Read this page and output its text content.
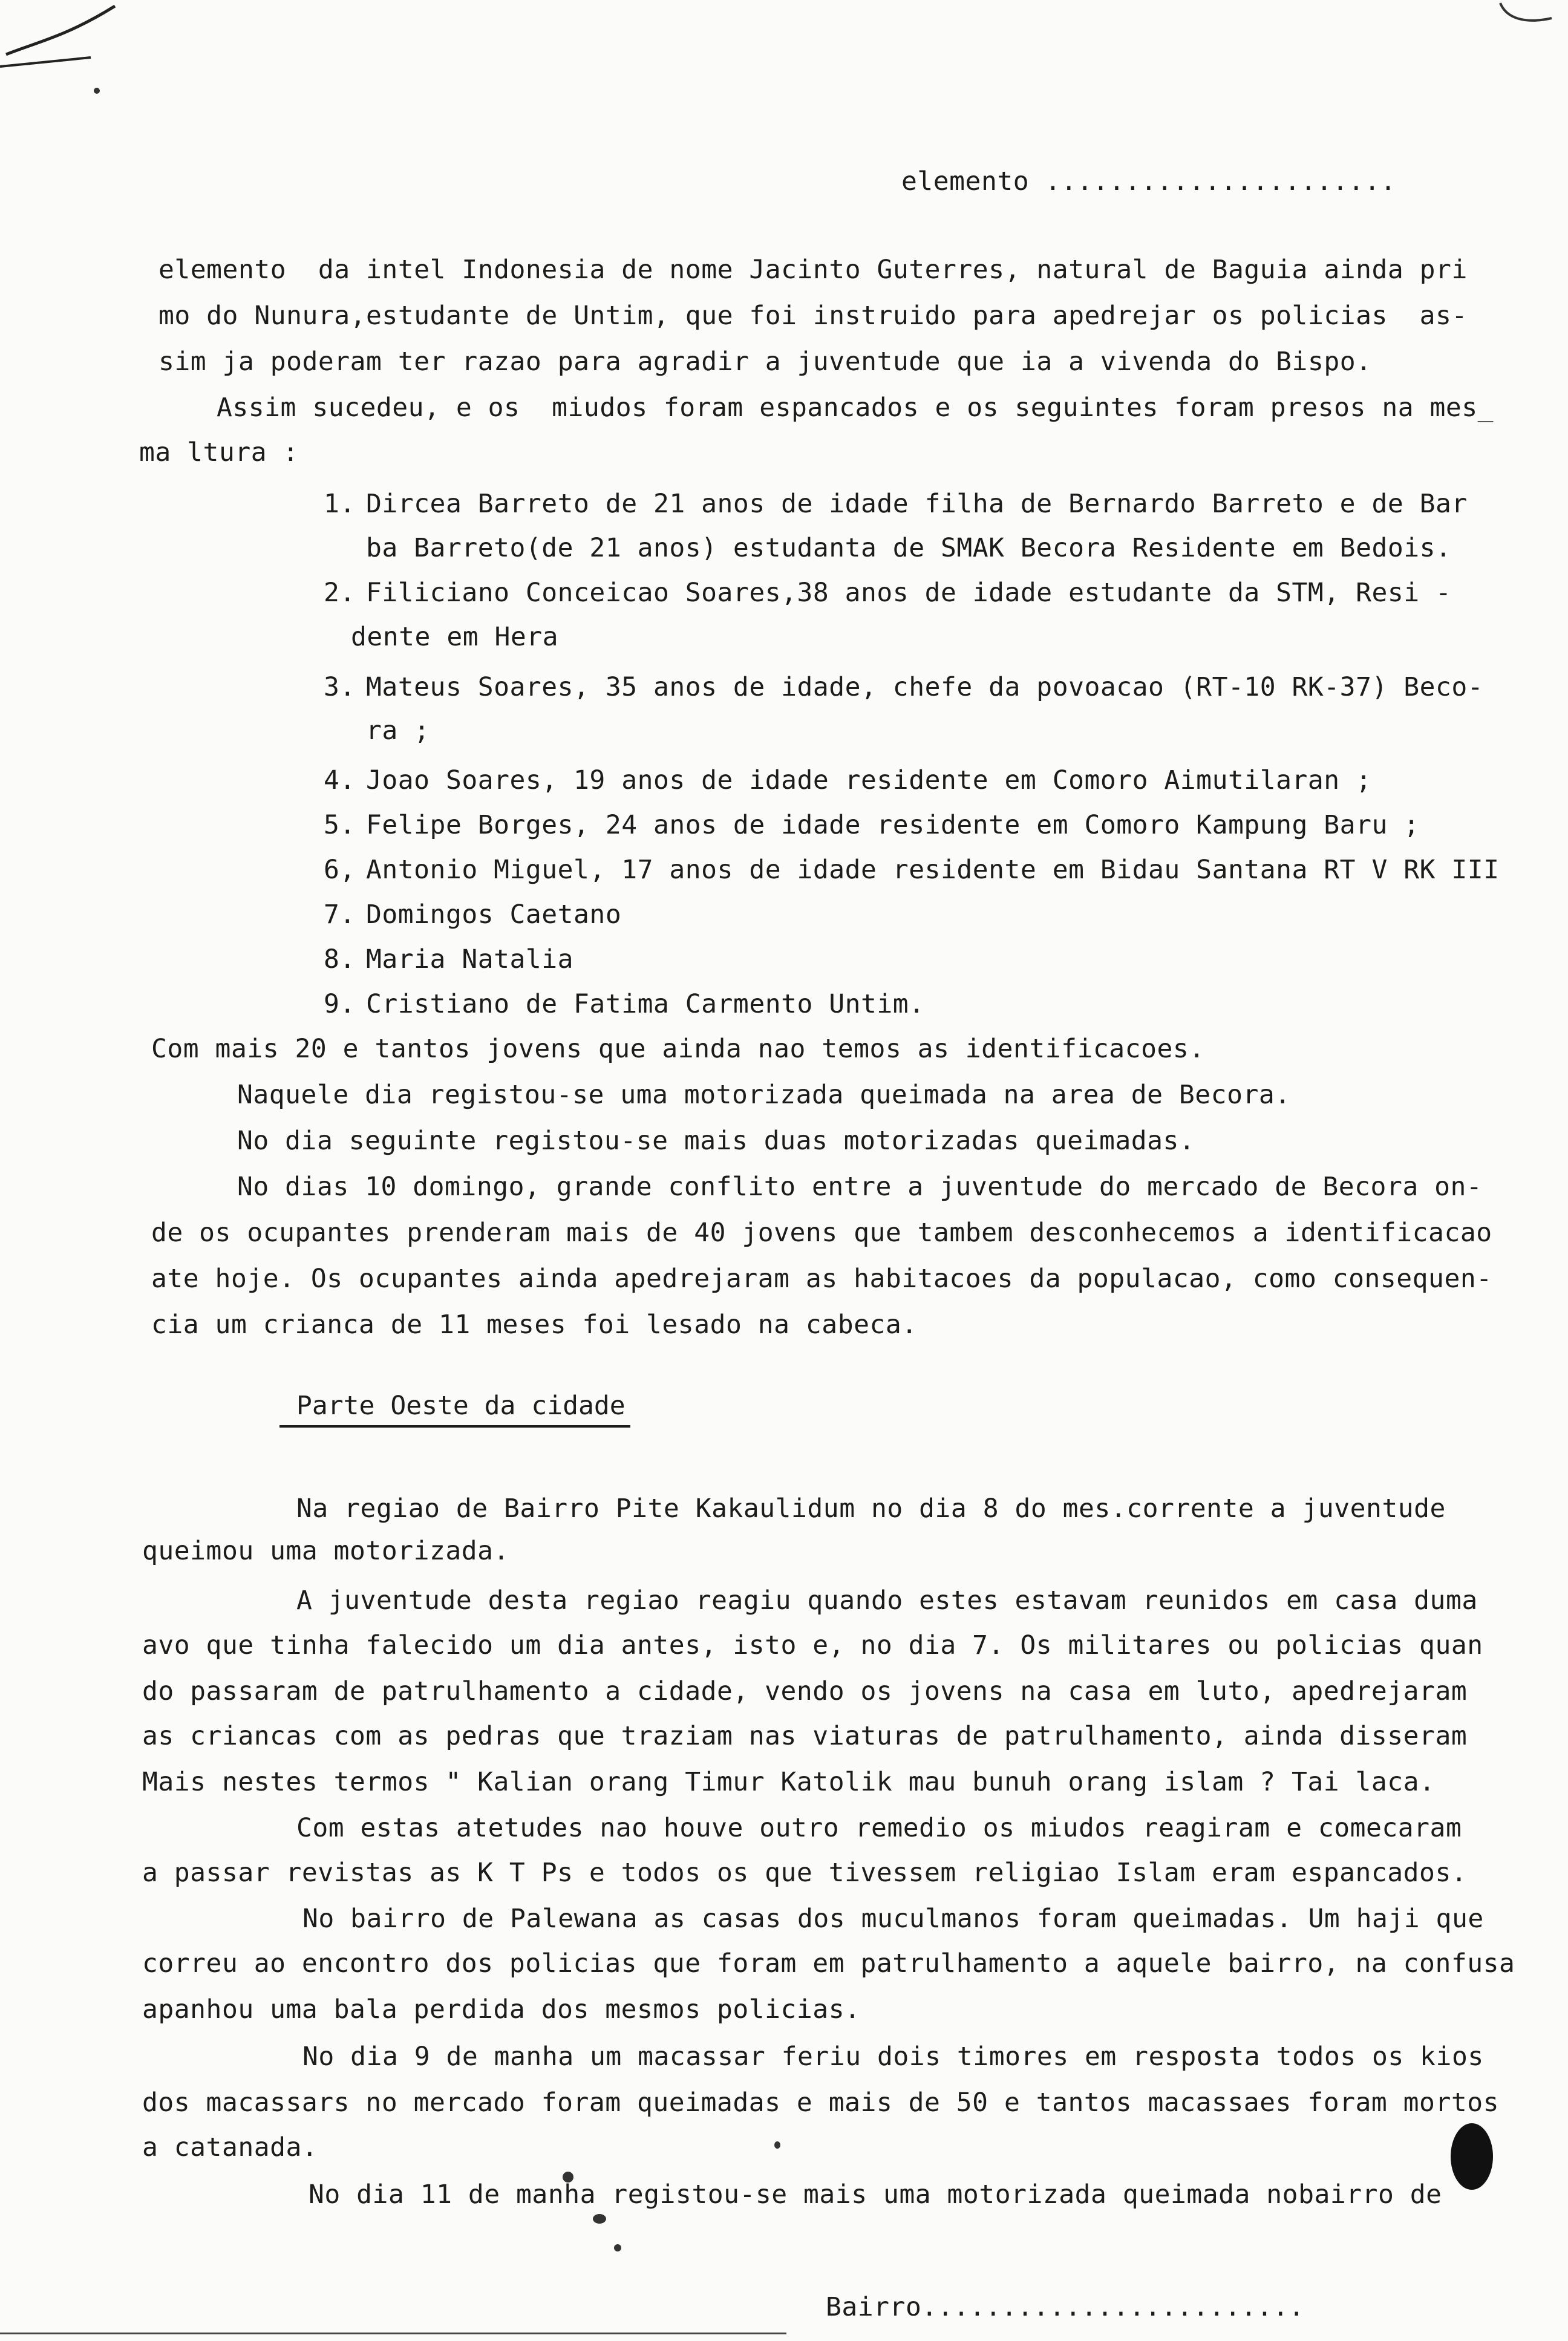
elemento ......................
elemento  da intel Indonesia de nome Jacinto Guterres, natural de Baguia ainda pri
mo do Nunura,estudante de Untim, que foi instruido para apedrejar os policias  as-
sim ja poderam ter razao para agradir a juventude que ia a vivenda do Bispo.
Assim sucedeu, e os  miudos foram espancados e os seguintes foram presos na mes_
ma ltura :
1. Dircea Barreto de 21 anos de idade filha de Bernardo Barreto e de Bar
ba Barreto(de 21 anos) estudanta de SMAK Becora Residente em Bedois.
2. Filiciano Conceicao Soares,38 anos de idade estudante da STM, Resi -
dente em Hera
3. Mateus Soares, 35 anos de idade, chefe da povoacao (RT-10 RK-37) Beco-
ra ;
4. Joao Soares, 19 anos de idade residente em Comoro Aimutilaran ;
5. Felipe Borges, 24 anos de idade residente em Comoro Kampung Baru ;
6, Antonio Miguel, 17 anos de idade residente em Bidau Santana RT V RK III
7. Domingos Caetano
8. Maria Natalia
9. Cristiano de Fatima Carmento Untim.
Com mais 20 e tantos jovens que ainda nao temos as identificacoes.
Naquele dia registou-se uma motorizada queimada na area de Becora.
No dia seguinte registou-se mais duas motorizadas queimadas.
No dias 10 domingo, grande conflito entre a juventude do mercado de Becora on-
de os ocupantes prenderam mais de 40 jovens que tambem desconhecemos a identificacao
ate hoje. Os ocupantes ainda apedrejaram as habitacoes da populacao, como consequen-
cia um crianca de 11 meses foi lesado na cabeca.
Parte Oeste da cidade
Na regiao de Bairro Pite Kakaulidum no dia 8 do mes.corrente a juventude
queimou uma motorizada.
A juventude desta regiao reagiu quando estes estavam reunidos em casa duma
avo que tinha falecido um dia antes, isto e, no dia 7. Os militares ou policias quan
do passaram de patrulhamento a cidade, vendo os jovens na casa em luto, apedrejaram
as criancas com as pedras que traziam nas viaturas de patrulhamento, ainda disseram
Mais nestes termos " Kalian orang Timur Katolik mau bunuh orang islam ? Tai laca.
Com estas atetudes nao houve outro remedio os miudos reagiram e comecaram
a passar revistas as K T Ps e todos os que tivessem religiao Islam eram espancados.
No bairro de Palewana as casas dos muculmanos foram queimadas. Um haji que
correu ao encontro dos policias que foram em patrulhamento a aquele bairro, na confusa
apanhou uma bala perdida dos mesmos policias.
No dia 9 de manha um macassar feriu dois timores em resposta todos os kios
dos macassars no mercado foram queimadas e mais de 50 e tantos macassaes foram mortos
a catanada.
No dia 11 de manha registou-se mais uma motorizada queimada nobairro de
Bairro........................
